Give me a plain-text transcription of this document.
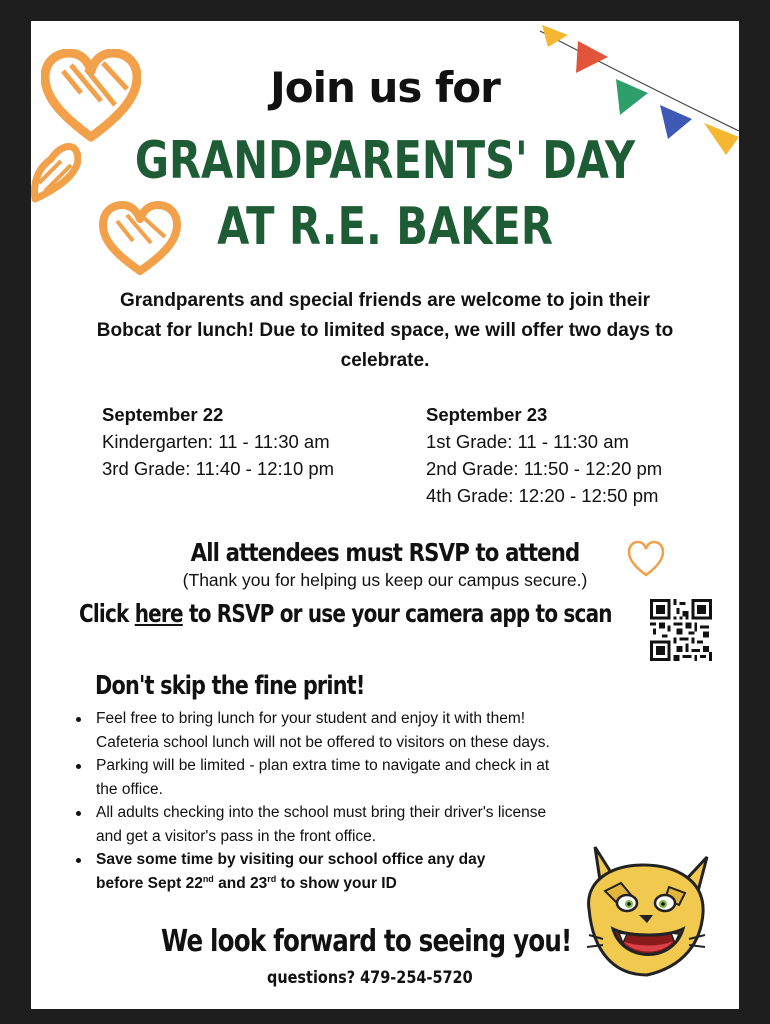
Join us for
GRANDPARENTS' DAY
AT R.E. BAKER
Grandparents and special friends are welcome to join their
Bobcat for lunch! Due to limited space, we will offer two days to
celebrate.
September 22
Kindergarten: 11 - 11:30 am
3rd Grade: 11:40 - 12:10 pm
September 23
1st Grade: 11 - 11:30 am
2nd Grade: 11:50 - 12:20 pm
4th Grade: 12:20 - 12:50 pm
All attendees must RSVP to attend
(Thank you for helping us keep our campus secure.)
Click here to RSVP or use your camera app to scan
Don't skip the fine print!
Feel free to bring lunch for your student and enjoy it with them! Cafeteria school lunch will not be offered to visitors on these days.
Parking will be limited - plan extra time to navigate and check in at the office.
All adults checking into the school must bring their driver's license and get a visitor's pass in the front office.
Save some time by visiting our school office any day
before Sept 22nd and 23rd to show your ID
We look forward to seeing you!
questions? 479-254-5720
